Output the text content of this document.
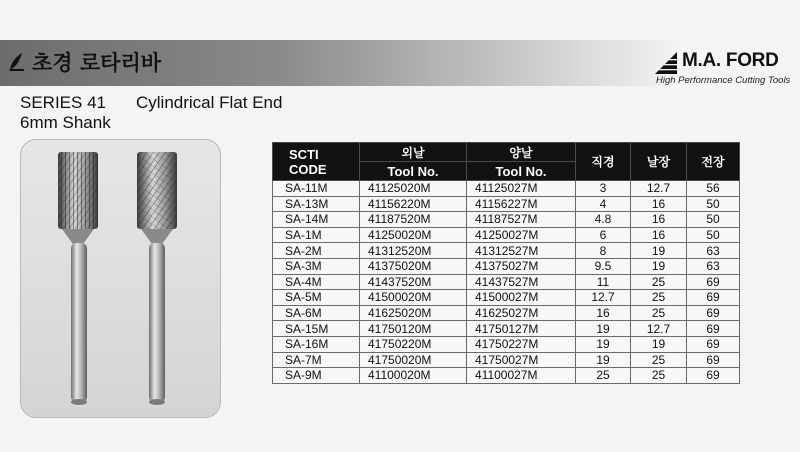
초경 로타리바	M.A. FORD
High Performance Cutting Tools
SERIES 41 Cylindrical Flat End
6mm Shank
SCTI
CODE	외날	양날	직경	날장	전장
	Tool No.	Tool No.			
SA-11M	41125020M	41125027M	3	12.7	56
SA-13M	41156220M	41156227M	4	16	50
SA-14M	41187520M	41187527M	4.8	16	50
SA-1M	41250020M	41250027M	6	16	50
SA-2M	41312520M	41312527M	8	19	63
SA-3M	41375020M	41375027M	9.5	19	63
SA-4M	41437520M	41437527M	11	25	69
SA-5M	41500020M	41500027M	12.7	25	69
SA-6M	41625020M	41625027M	16	25	69
SA-15M	41750120M	41750127M	19	12.7	69
SA-16M	41750220M	41750227M	19	19	69
SA-7M	41750020M	41750027M	19	25	69
SA-9M	41100020M	41100027M	25	25	69
